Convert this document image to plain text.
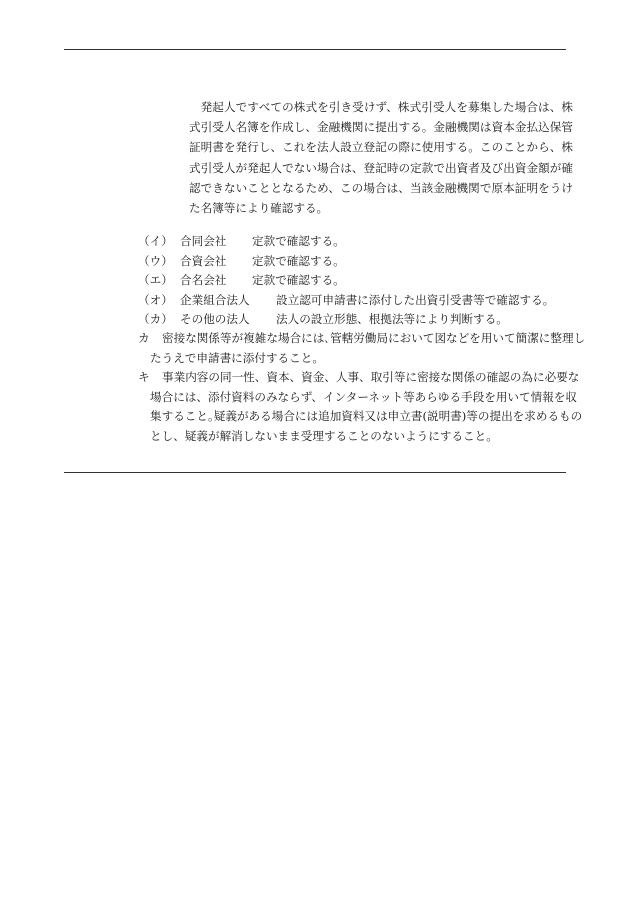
発起人ですべての株式を引き受けず、株式引受人を募集した場合は、株式引受人名簿を作成し、金融機関に提出する。金融機関は資本金払込保管証明書を発行し、これを法人設立登記の際に使用する。このことから、株式引受人が発起人でない場合は、登記時の定款で出資者及び出資金額が確認できないこととなるため、この場合は、当該金融機関で原本証明をうけた名簿等により確認する。

（イ） 合同会社 定款で確認する。
（ウ） 合資会社 定款で確認する。
（エ） 合名会社 定款で確認する。
（オ） 企業組合法人 設立認可申請書に添付した出資引受書等で確認する。
（カ） その他の法人 法人の設立形態、根拠法等により判断する。

カ 密接な関係等が複雑な場合には､管轄労働局において図などを用いて簡潔に整理したうえで申請書に添付すること。

キ 事業内容の同一性、資本、資金、人事、取引等に密接な関係の確認の為に必要な場合には、添付資料のみならず、インターネット等あらゆる手段を用いて情報を収集すること｡疑義がある場合には追加資料又は申立書(説明書)等の提出を求めるものとし、疑義が解消しないまま受理することのないようにすること。
